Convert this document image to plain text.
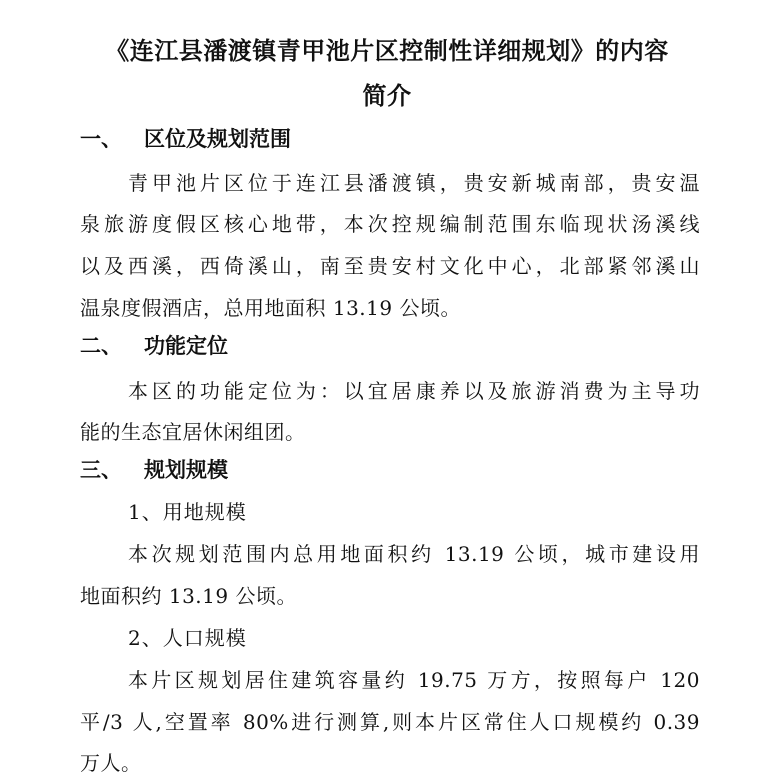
《连江县潘渡镇青甲池片区控制性详细规划》的内容
简介
一、 区位及规划范围
青甲池片区位于连江县潘渡镇，贵安新城南部，贵安温
泉旅游度假区核心地带，本次控规编制范围东临现状汤溪线
以及西溪，西倚溪山，南至贵安村文化中心，北部紧邻溪山
温泉度假酒店，总用地面积 13.19 公顷。
二、 功能定位
本区的功能定位为：以宜居康养以及旅游消费为主导功
能的生态宜居休闲组团。
三、 规划规模
1、用地规模
本次规划范围内总用地面积约 13.19 公顷，城市建设用
地面积约 13.19 公顷。
2、人口规模
本片区规划居住建筑容量约 19.75 万方，按照每户 120
平/3 人,空置率 80%进行测算,则本片区常住人口规模约 0.39
万人。
